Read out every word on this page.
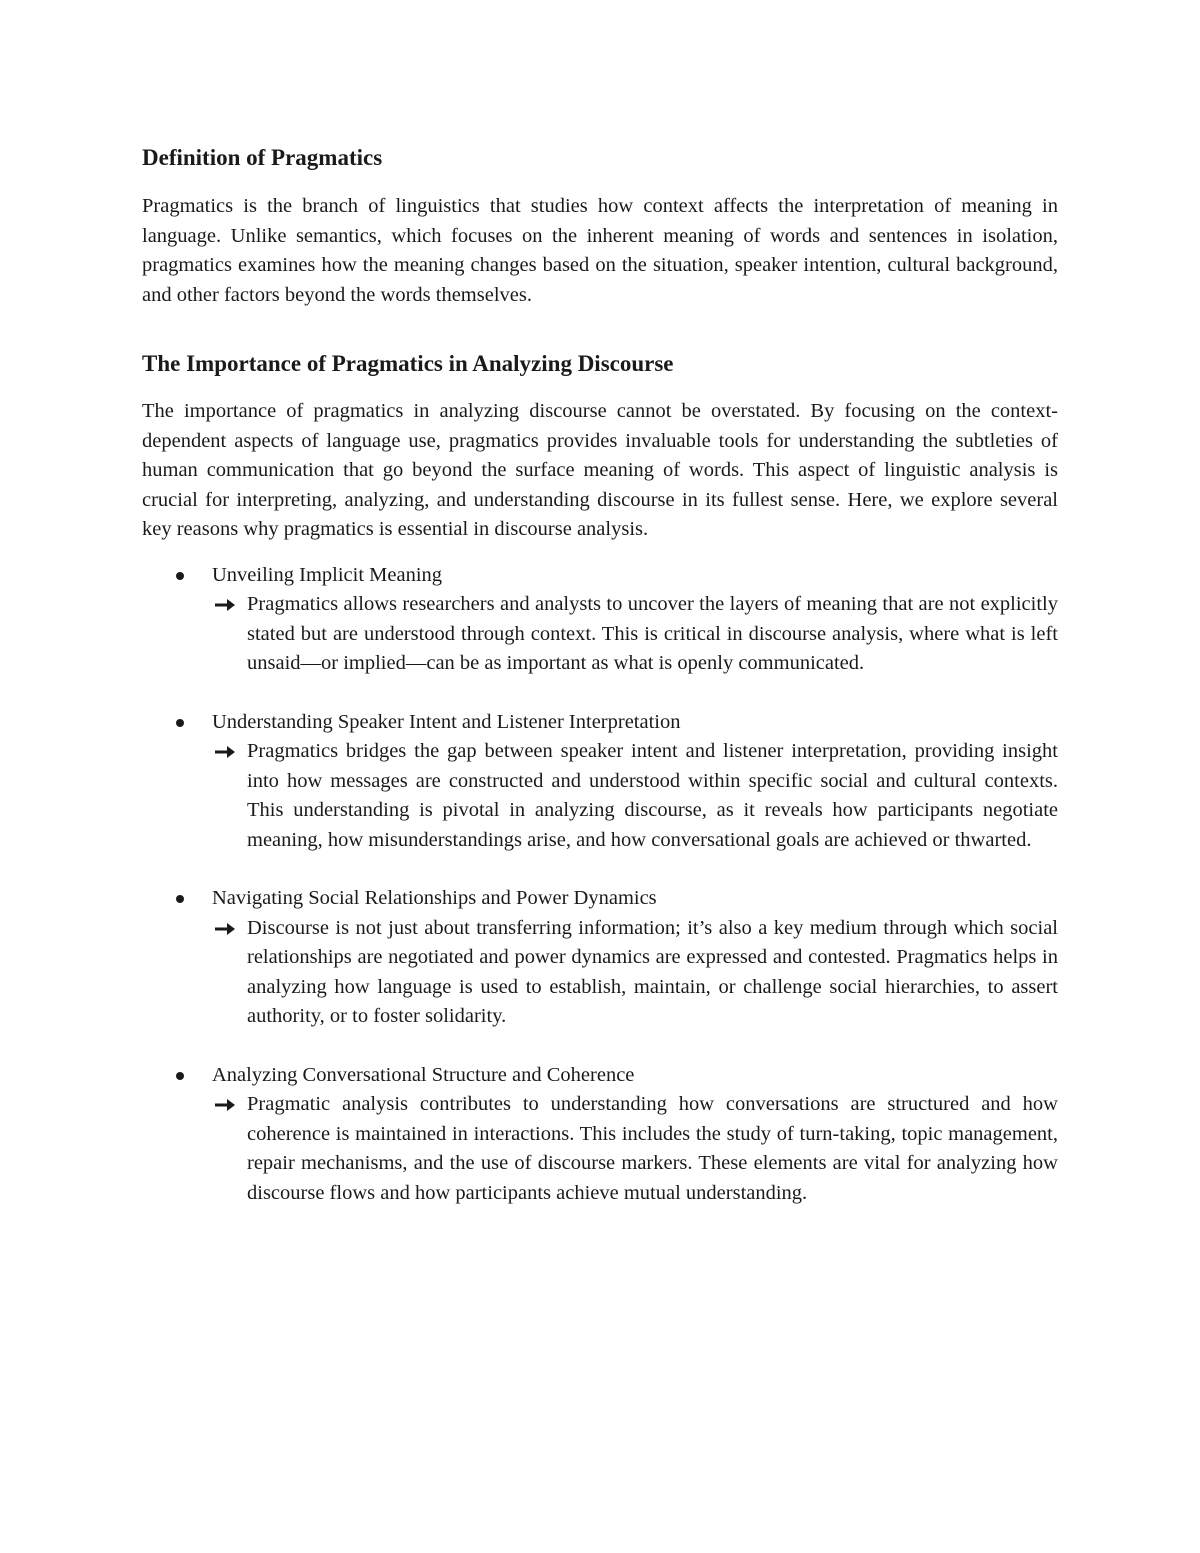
Definition of Pragmatics

Pragmatics is the branch of linguistics that studies how context affects the interpretation of meaning in language. Unlike semantics, which focuses on the inherent meaning of words and sentences in isolation, pragmatics examines how the meaning changes based on the situation, speaker intention, cultural background, and other factors beyond the words themselves.

The Importance of Pragmatics in Analyzing Discourse

The importance of pragmatics in analyzing discourse cannot be overstated. By focusing on the context-dependent aspects of language use, pragmatics provides invaluable tools for understanding the subtleties of human communication that go beyond the surface meaning of words. This aspect of linguistic analysis is crucial for interpreting, analyzing, and understanding discourse in its fullest sense. Here, we explore several key reasons why pragmatics is essential in discourse analysis.

Unveiling Implicit Meaning
Pragmatics allows researchers and analysts to uncover the layers of meaning that are not explicitly stated but are understood through context. This is critical in discourse analysis, where what is left unsaid—or implied—can be as important as what is openly communicated.
Understanding Speaker Intent and Listener Interpretation
Pragmatics bridges the gap between speaker intent and listener interpretation, providing insight into how messages are constructed and understood within specific social and cultural contexts. This understanding is pivotal in analyzing discourse, as it reveals how participants negotiate meaning, how misunderstandings arise, and how conversational goals are achieved or thwarted.
Navigating Social Relationships and Power Dynamics
Discourse is not just about transferring information; it’s also a key medium through which social relationships are negotiated and power dynamics are expressed and contested. Pragmatics helps in analyzing how language is used to establish, maintain, or challenge social hierarchies, to assert authority, or to foster solidarity.
Analyzing Conversational Structure and Coherence
Pragmatic analysis contributes to understanding how conversations are structured and how coherence is maintained in interactions. This includes the study of turn-taking, topic management, repair mechanisms, and the use of discourse markers. These elements are vital for analyzing how discourse flows and how participants achieve mutual understanding.
